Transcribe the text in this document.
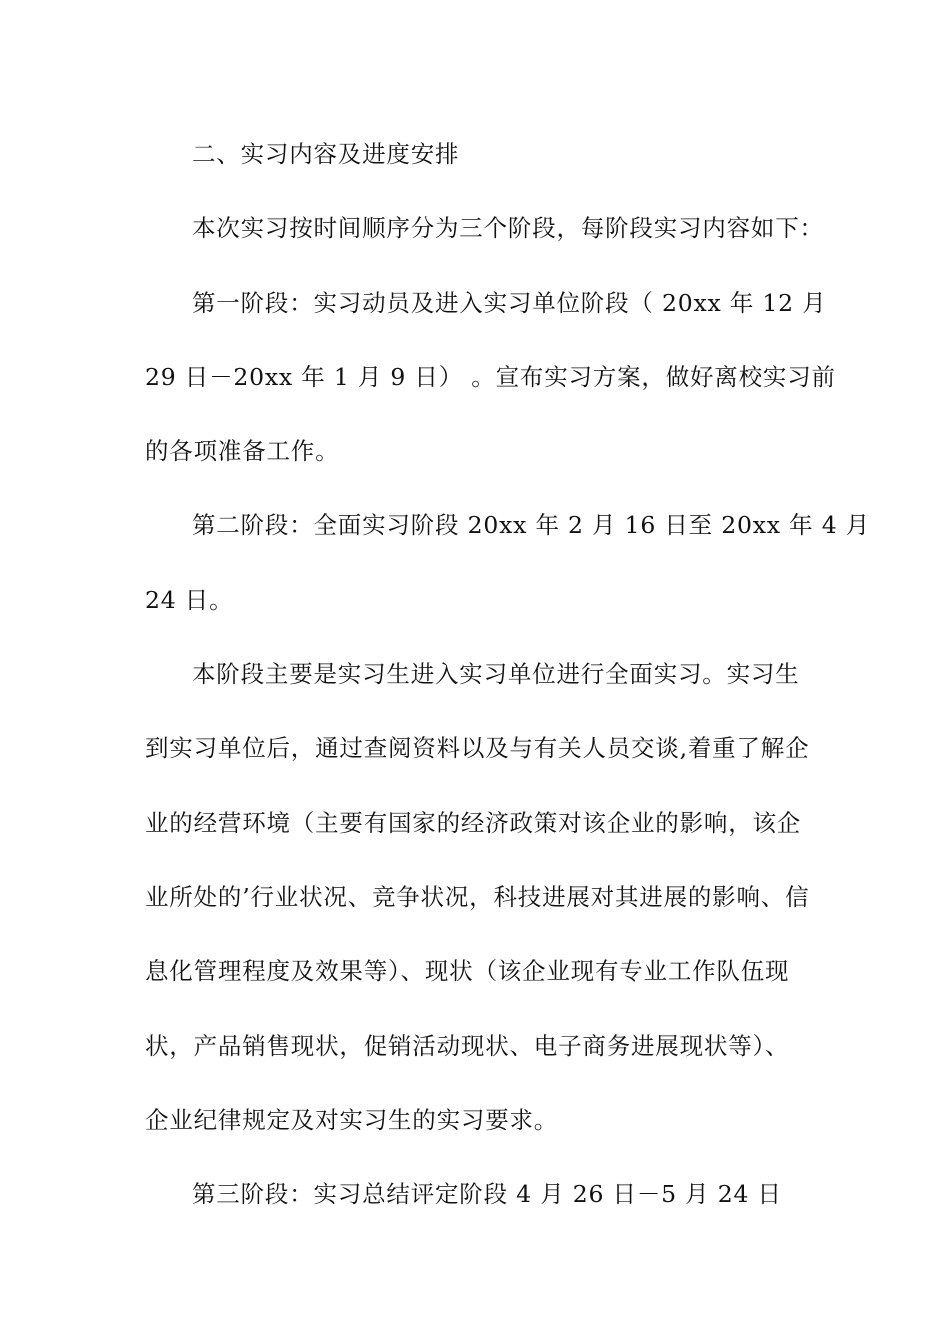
二、实习内容及进度安排
本次实习按时间顺序分为三个阶段，每阶段实习内容如下：
第一阶段：实习动员及进入实习单位阶段（ 20xx 年 12 月
29 日－20xx 年 1 月 9 日） 。宣布实习方案，做好离校实习前
的各项准备工作。
第二阶段：全面实习阶段 20xx 年 2 月 16 日至 20xx 年 4 月
24 日。
本阶段主要是实习生进入实习单位进行全面实习。实习生
到实习单位后，通过查阅资料以及与有关人员交谈,着重了解企
业的经营环境（主要有国家的经济政策对该企业的影响，该企
业所处的’行业状况、竞争状况，科技进展对其进展的影响、信
息化管理程度及效果等）、现状（该企业现有专业工作队伍现
状，产品销售现状，促销活动现状、电子商务进展现状等）、
企业纪律规定及对实习生的实习要求。
第三阶段：实习总结评定阶段 4 月 26 日－5 月 24 日
